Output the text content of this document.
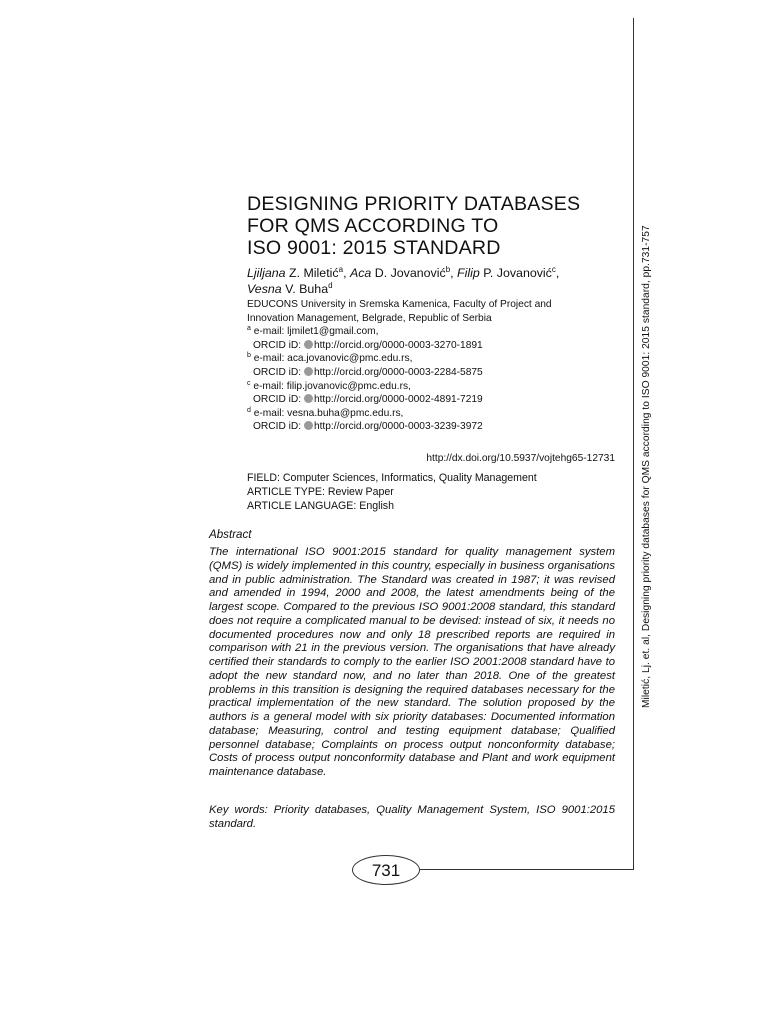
Miletić, Lj. et. al, Designing priority databases for QMS according to ISO 9001: 2015 standard, pp.731-757
DESIGNING PRIORITY DATABASES
FOR QMS ACCORDING TO
ISO 9001: 2015 STANDARD
Ljiljana Z. Miletić$^a$, Aca D. Jovanović$^b$, Filip P. Jovanović$^c$,
Vesna V. Buha$^d$
EDUCONS University in Sremska Kamenica, Faculty of Project and
Innovation Management, Belgrade, Republic of Serbia
$^a$ e-mail: ljmilet1@gmail.com,
ORCID iD: http://orcid.org/0000-0003-3270-1891
$^b$ e-mail: aca.jovanovic@pmc.edu.rs,
ORCID iD: http://orcid.org/0000-0003-2284-5875
$^c$ e-mail: filip.jovanovic@pmc.edu.rs,
ORCID iD: http://orcid.org/0000-0002-4891-7219
$^d$ e-mail: vesna.buha@pmc.edu.rs,
ORCID iD: http://orcid.org/0000-0003-3239-3972
http://dx.doi.org/10.5937/vojtehg65-12731
FIELD: Computer Sciences, Informatics, Quality Management
ARTICLE TYPE: Review Paper
ARTICLE LANGUAGE: English
Abstract

The international ISO 9001:2015 standard for quality management system (QMS) is widely implemented in this country, especially in business organisations and in public administration. The Standard was created in 1987; it was revised and amended in 1994, 2000 and 2008, the latest amendments being of the largest scope. Compared to the previous ISO 9001:2008 standard, this standard does not require a complicated manual to be devised: instead of six, it needs no documented procedures now and only 18 prescribed reports are required in comparison with 21 in the previous version. The organisations that have already certified their standards to comply to the earlier ISO 2001:2008 standard have to adopt the new standard now, and no later than 2018. One of the greatest problems in this transition is designing the required databases necessary for the practical implementation of the new standard. The solution proposed by the authors is a general model with six priority databases: Documented information database; Measuring, control and testing equipment database; Qualified personnel database; Complaints on process output nonconformity database; Costs of process output nonconformity database and Plant and work equipment maintenance database.

Key words: Priority databases, Quality Management System, ISO 9001:2015 standard.
731
